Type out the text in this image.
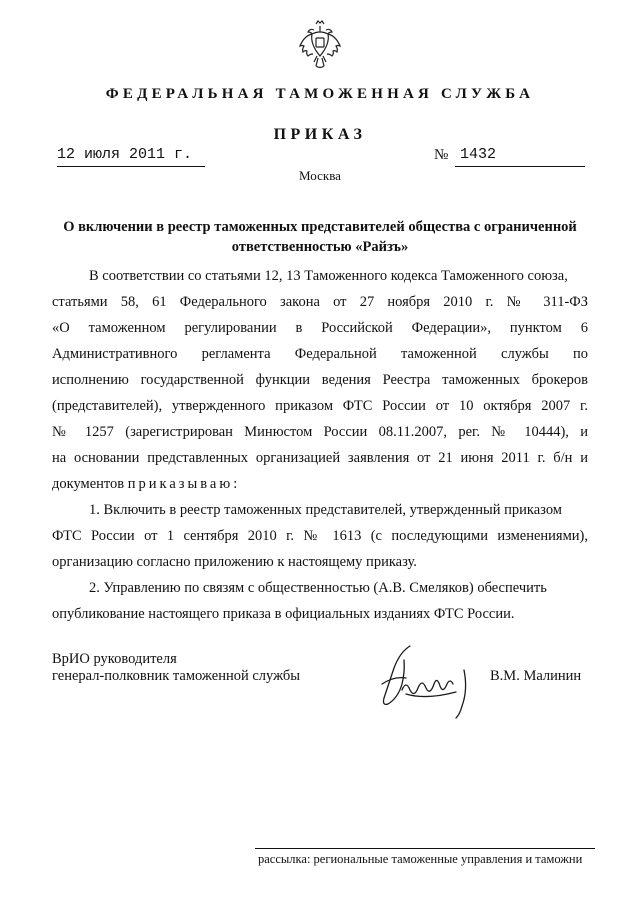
ФЕДЕРАЛЬНАЯ ТАМОЖЕННАЯ СЛУЖБА
ПРИКАЗ
12 июля 2011 г.	№ 1432
Москва
О включении в реестр таможенных представителей общества с ограниченной ответственностью «Райзъ»
В соответствии со статьями 12, 13 Таможенного кодекса Таможенного союза,
статьями 58, 61 Федерального закона от 27 ноября 2010 г. № 311-ФЗ
«О таможенном регулировании в Российской Федерации», пунктом 6
Административного регламента Федеральной таможенной службы по
исполнению государственной функции ведения Реестра таможенных брокеров
(представителей), утвержденного приказом ФТС России от 10 октября 2007 г.
№ 1257 (зарегистрирован Минюстом России 08.11.2007, рег. № 10444), и
на основании представленных организацией заявления от 21 июня 2011 г. б/н и
документов приказываю:
1. Включить в реестр таможенных представителей, утвержденный приказом
ФТС России от 1 сентября 2010 г. № 1613 (с последующими изменениями),
организацию согласно приложению к настоящему приказу.
2. Управлению по связям с общественностью (А.В. Смеляков) обеспечить
опубликование настоящего приказа в официальных изданиях ФТС России.
ВрИО руководителя
генерал-полковник таможенной службы	В.М. Малинин
рассылка: региональные таможенные управления и таможни
